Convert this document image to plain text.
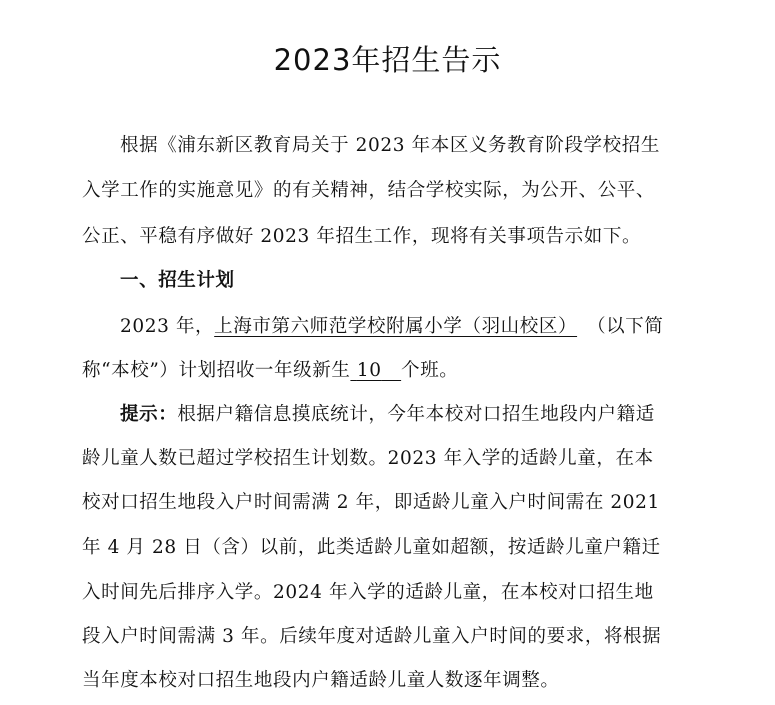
2023年招生告示
根据《浦东新区教育局关于 2023 年本区义务教育阶段学校招生
入学工作的实施意见》的有关精神，结合学校实际，为公开、公平、
公正、平稳有序做好 2023 年招生工作，现将有关事项告示如下。
一、招生计划
2023 年，上海市第六师范学校附属小学（羽山校区） （以下简
称“本校”）计划招收一年级新生 10 个班。
提示：根据户籍信息摸底统计，今年本校对口招生地段内户籍适
龄儿童人数已超过学校招生计划数。2023 年入学的适龄儿童，在本
校对口招生地段入户时间需满 2 年，即适龄儿童入户时间需在 2021
年 4 月 28 日（含）以前，此类适龄儿童如超额，按适龄儿童户籍迁
入时间先后排序入学。2024 年入学的适龄儿童，在本校对口招生地
段入户时间需满 3 年。后续年度对适龄儿童入户时间的要求，将根据
当年度本校对口招生地段内户籍适龄儿童人数逐年调整。
